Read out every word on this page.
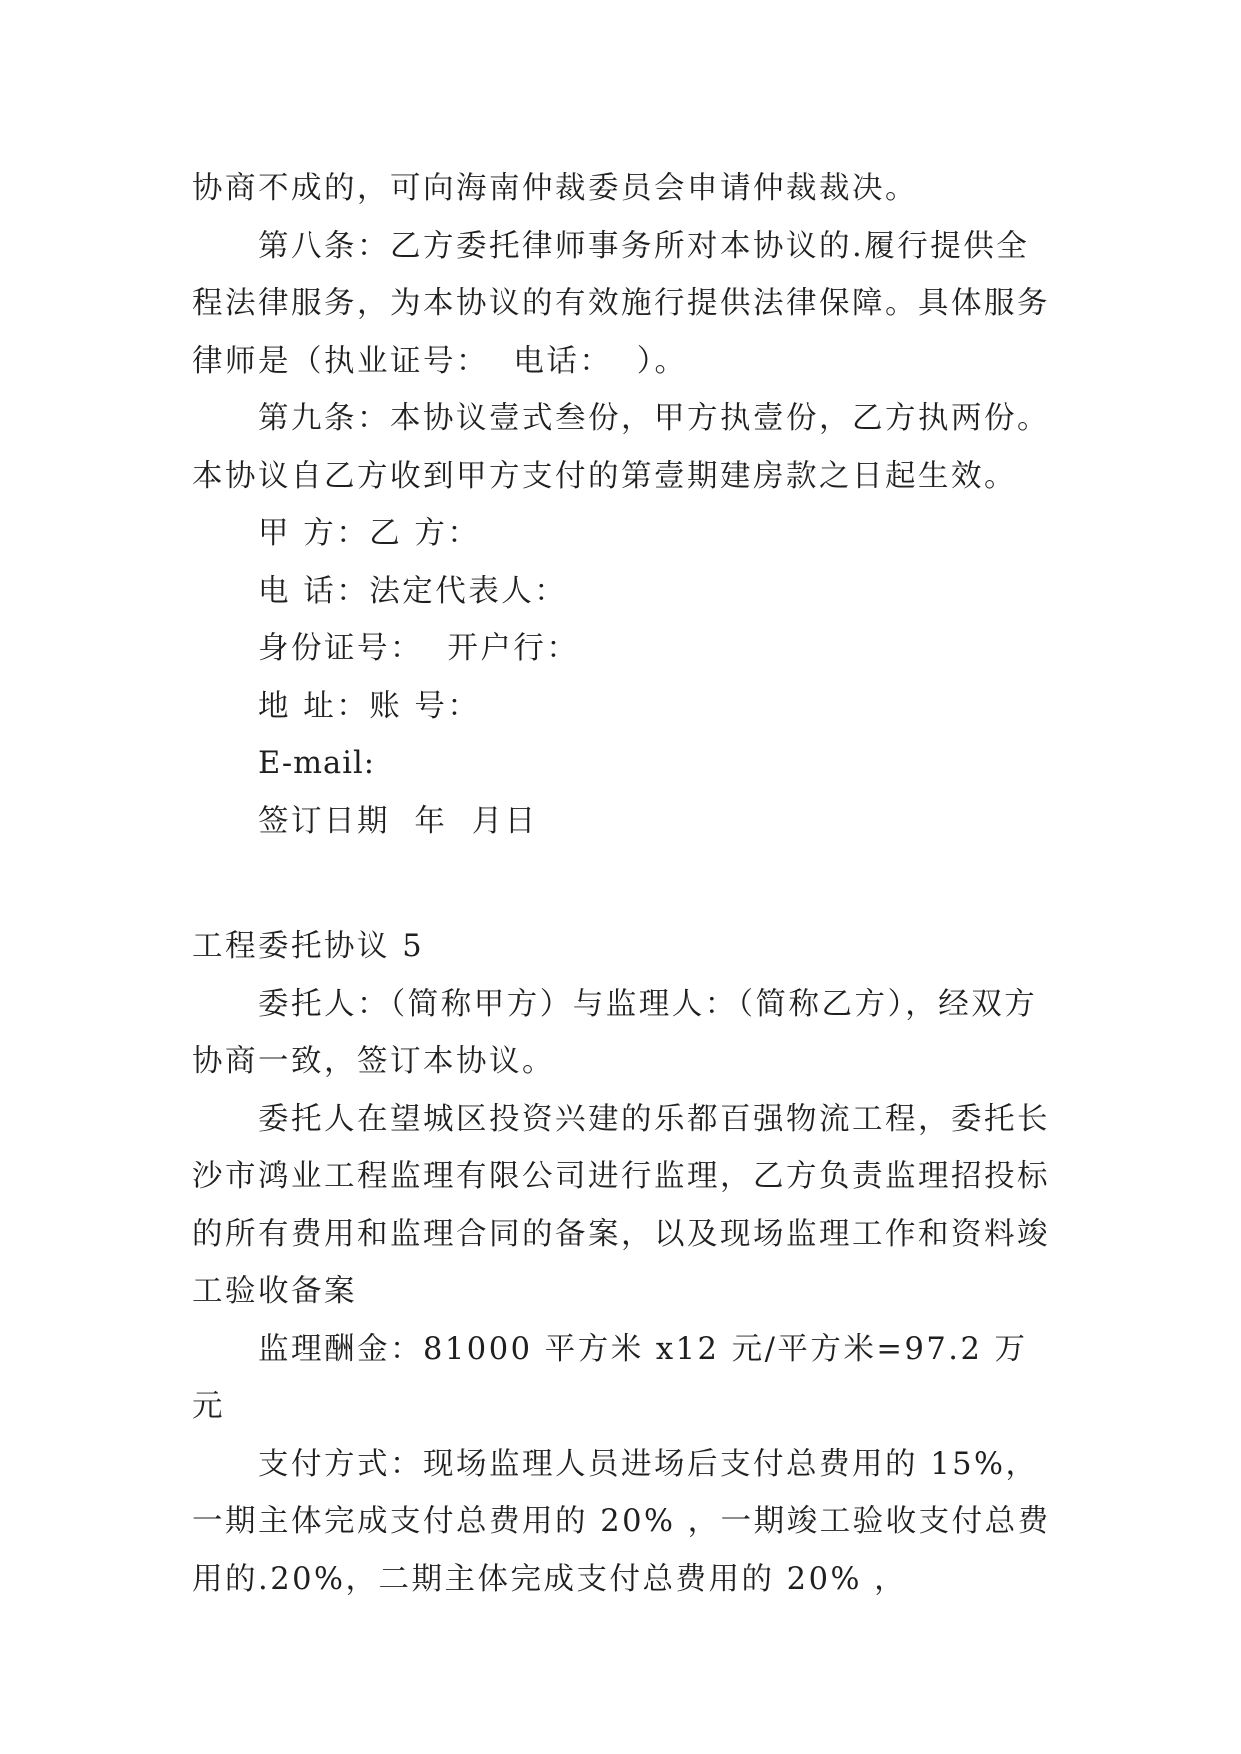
协商不成的，可向海南仲裁委员会申请仲裁裁决。

第八条：乙方委托律师事务所对本协议的.履行提供全程法律服务，为本协议的有效施行提供法律保障。具体服务律师是（执业证号：  电话：  ）。

第九条：本协议壹式叁份，甲方执壹份，乙方执两份。本协议自乙方收到甲方支付的第壹期建房款之日起生效。

甲 方：乙 方：

电 话：法定代表人：

身份证号：  开户行：

地 址：账 号：

E-mail:

签订日期  年  月日

工程委托协议 5

委托人：（简称甲方）与监理人：（简称乙方），经双方协商一致，签订本协议。

委托人在望城区投资兴建的乐都百强物流工程，委托长沙市鸿业工程监理有限公司进行监理，乙方负责监理招投标的所有费用和监理合同的备案，以及现场监理工作和资料竣工验收备案

监理酬金：81000 平方米 x12 元/平方米=97.2 万元

支付方式：现场监理人员进场后支付总费用的 15%，一期主体完成支付总费用的 20% ，一期竣工验收支付总费用的.20%，二期主体完成支付总费用的 20% ，
